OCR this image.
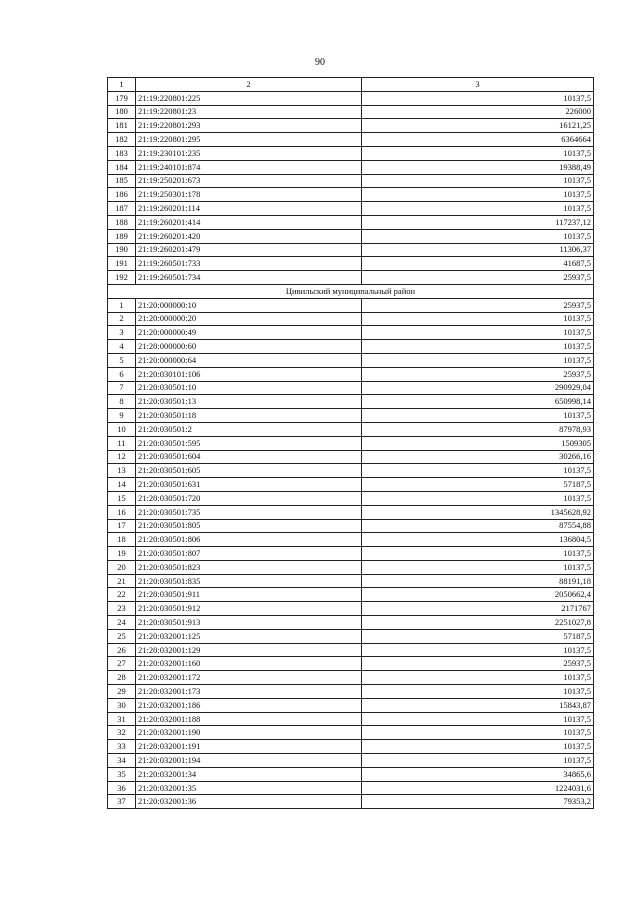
90
1	2	3
179	21:19:220801:225	10137,5
180	21:19:220801:23	226000
181	21:19:220801:293	16121,25
182	21:19:220801:295	6364664
183	21:19:230101:235	10137,5
184	21:19:240101:874	19388,49
185	21:19:250201:673	10137,5
186	21:19:250301:178	10137,5
187	21:19:260201:114	10137,5
188	21:19:260201:414	117237,12
189	21:19:260201:420	10137,5
190	21:19:260201:479	11306,37
191	21:19:260501:733	41687,5
192	21:19:260501:734	25937,5
Цивильский муниципальный район		
1	21:20:000000:10	25937,5
2	21:20:000000:20	10137,5
3	21:20:000000:49	10137,5
4	21:20:000000:60	10137,5
5	21:20:000000:64	10137,5
6	21:20:030101:106	25937,5
7	21:20:030501:10	290929,04
8	21:20:030501:13	650998,14
9	21:20:030501:18	10137,5
10	21:20:030501:2	87978,93
11	21:20:030501:595	1509305
12	21:20:030501:604	30266,16
13	21:20:030501:605	10137,5
14	21:20:030501:631	57187,5
15	21:20:030501:720	10137,5
16	21:20:030501:735	1345628,92
17	21:20:030501:805	87554,88
18	21:20:030501:806	136804,5
19	21:20:030501:807	10137,5
20	21:20:030501:823	10137,5
21	21:20:030501:835	88191,18
22	21:20:030501:911	2050662,4
23	21:20:030501:912	2171767
24	21:20:030501:913	2251027,8
25	21:20:032001:125	57187,5
26	21:20:032001:129	10137,5
27	21:20:032001:160	25937,5
28	21:20:032001:172	10137,5
29	21:20:032001:173	10137,5
30	21:20:032001:186	15843,87
31	21:20:032001:188	10137,5
32	21:20:032001:190	10137,5
33	21:20:032001:191	10137,5
34	21:20:032001:194	10137,5
35	21:20:032001:34	34865,6
36	21:20:032001:35	1224031,6
37	21:20:032001:36	79353,2
